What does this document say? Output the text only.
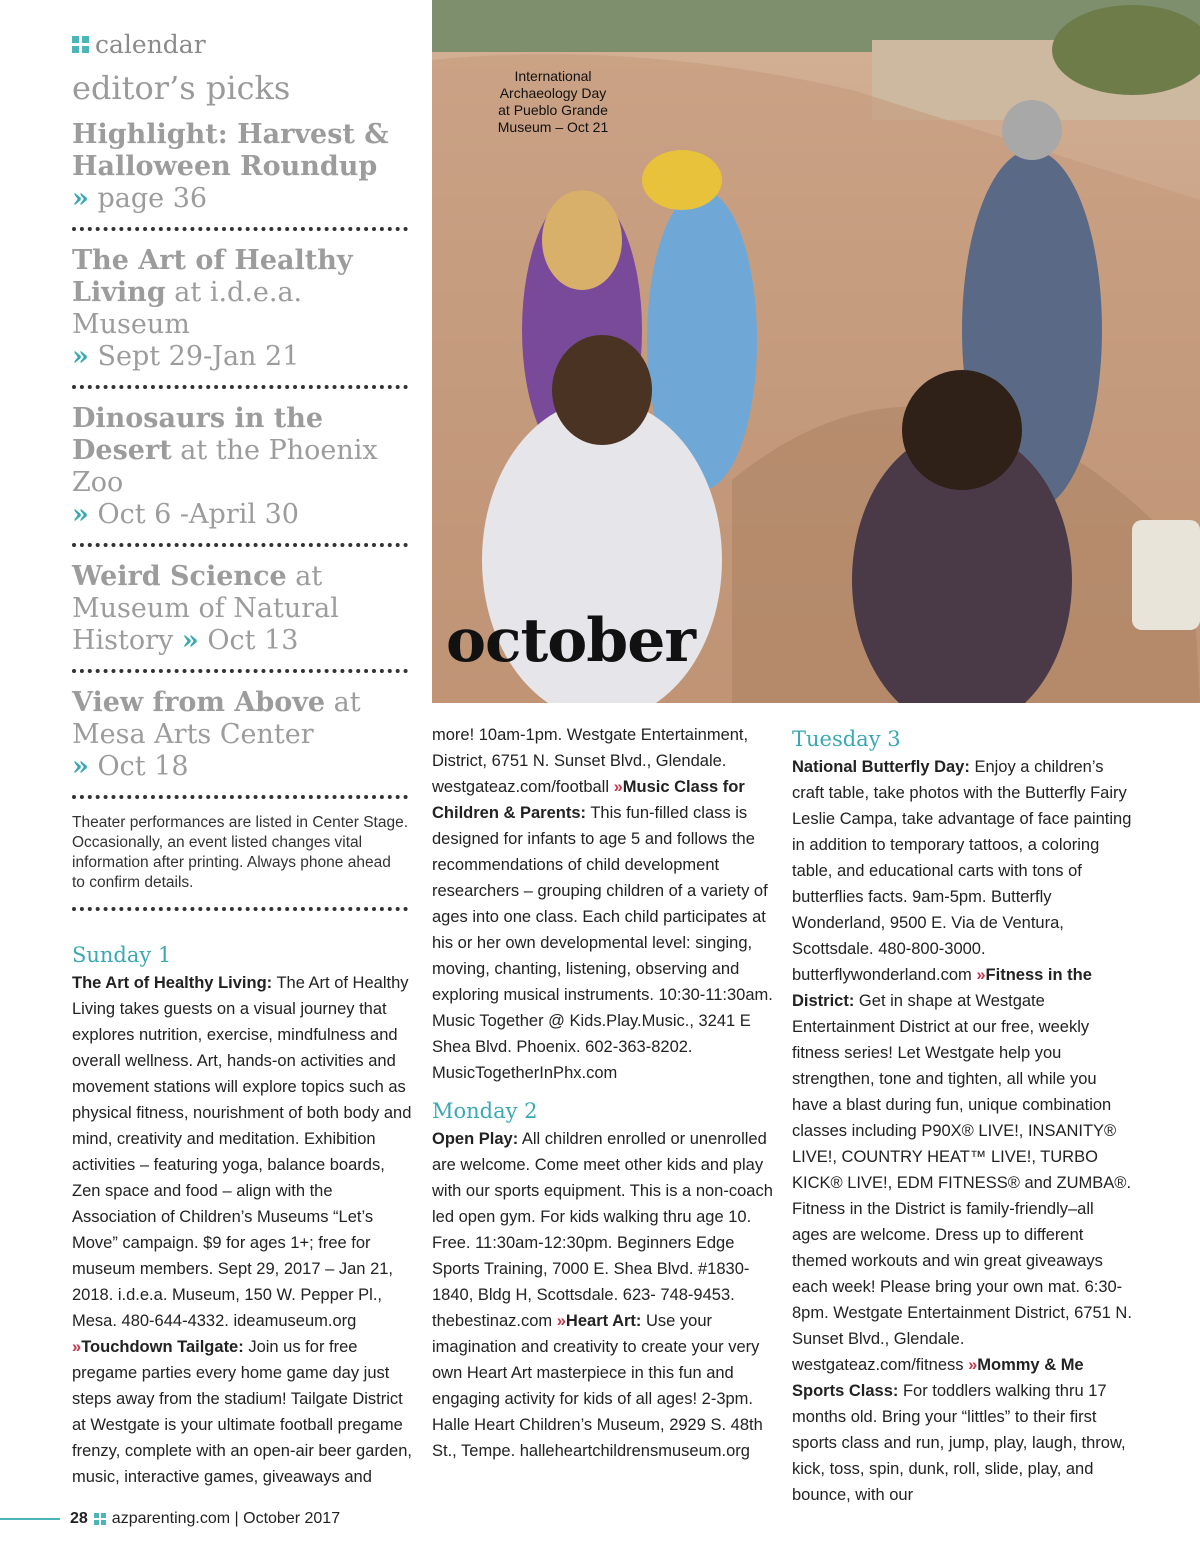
calendar
editor’s picks
Highlight: Harvest & Halloween Roundup
» page 36
The Art of Healthy Living at i.d.e.a. Museum
» Sept 29-Jan 21
Dinosaurs in the Desert at the Phoenix Zoo
» Oct 6 -April 30
Weird Science at Museum of Natural History » Oct 13
View from Above at Mesa Arts Center
» Oct 18
Theater performances are listed in Center Stage. Occasionally, an event listed changes vital information after printing. Always phone ahead to confirm details.
International Archaeology Day at Pueblo Grande Museum – Oct 21
october
Sunday 1

The Art of Healthy Living: The Art of Healthy Living takes guests on a visual journey that explores nutrition, exercise, mindfulness and overall wellness. Art, hands-on activities and movement stations will explore topics such as physical fitness, nourishment of both body and mind, creativity and meditation. Exhibition activities – featuring yoga, balance boards, Zen space and food – align with the Association of Children’s Museums “Let’s Move” campaign. $9 for ages 1+; free for museum members. Sept 29, 2017 – Jan 21, 2018. i.d.e.a. Museum, 150 W. Pepper Pl., Mesa. 480-644-4332. ideamuseum.org »Touchdown Tailgate: Join us for free pregame parties every home game day just steps away from the stadium! Tailgate District at Westgate is your ultimate football pregame frenzy, complete with an open-air beer garden, music, interactive games, giveaways and

more! 10am-1pm. Westgate Entertainment, District, 6751 N. Sunset Blvd., Glendale. westgateaz.com/football »Music Class for Children & Parents: This fun-filled class is designed for infants to age 5 and follows the recommendations of child development researchers – grouping children of a variety of ages into one class. Each child participates at his or her own developmental level: singing, moving, chanting, listening, observing and exploring musical instruments. 10:30-11:30am. Music Together @ Kids.Play.Music., 3241 E Shea Blvd. Phoenix. 602-363-8202. MusicTogetherInPhx.com

Monday 2

Open Play: All children enrolled or unenrolled are welcome. Come meet other kids and play with our sports equipment. This is a non-coach led open gym. For kids walking thru age 10. Free. 11:30am-12:30pm. Beginners Edge Sports Training, 7000 E. Shea Blvd. #1830-1840, Bldg H, Scottsdale. 623- 748-9453. thebestinaz.com »Heart Art: Use your imagination and creativity to create your very own Heart Art masterpiece in this fun and engaging activity for kids of all ages! 2-3pm. Halle Heart Children’s Museum, 2929 S. 48th St., Tempe. halleheartchildrensmuseum.org

Tuesday 3

National Butterfly Day: Enjoy a children’s craft table, take photos with the Butterfly Fairy Leslie Campa, take advantage of face painting in addition to temporary tattoos, a coloring table, and educational carts with tons of butterflies facts. 9am-5pm. Butterfly Wonderland, 9500 E. Via de Ventura, Scottsdale. 480-800-3000. butterflywonderland.com »Fitness in the District: Get in shape at Westgate Entertainment District at our free, weekly fitness series! Let Westgate help you strengthen, tone and tighten, all while you have a blast during fun, unique combination classes including P90X® LIVE!, INSANITY® LIVE!, COUNTRY HEAT™ LIVE!, TURBO KICK® LIVE!, EDM FITNESS® and ZUMBA®. Fitness in the District is family-friendly–all ages are welcome. Dress up to different themed workouts and win great giveaways each week! Please bring your own mat. 6:30-8pm. Westgate Entertainment District, 6751 N. Sunset Blvd., Glendale. westgateaz.com/fitness »Mommy & Me Sports Class: For toddlers walking thru 17 months old. Bring your “littles” to their first sports class and run, jump, play, laugh, throw, kick, toss, spin, dunk, roll, slide, play, and bounce, with our

28 azparenting.com | October 2017
